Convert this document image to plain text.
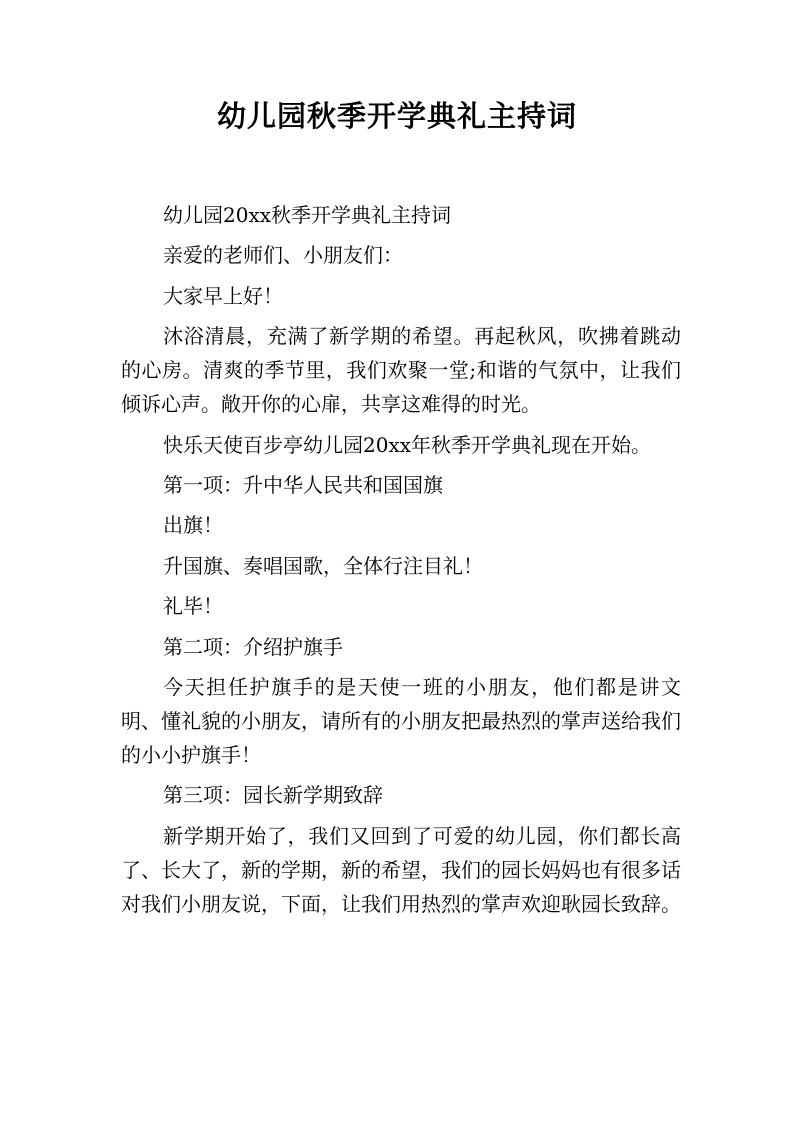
幼儿园秋季开学典礼主持词

幼儿园20xx秋季开学典礼主持词

亲爱的老师们、小朋友们：

大家早上好！

沐浴清晨，充满了新学期的希望。再起秋风，吹拂着跳动的心房。清爽的季节里，我们欢聚一堂;和谐的气氛中，让我们倾诉心声。敞开你的心扉，共享这难得的时光。

快乐天使百步亭幼儿园20xx年秋季开学典礼现在开始。

第一项：升中华人民共和国国旗

出旗！

升国旗、奏唱国歌，全体行注目礼！

礼毕！

第二项：介绍护旗手

今天担任护旗手的是天使一班的小朋友，他们都是讲文明、懂礼貌的小朋友，请所有的小朋友把最热烈的掌声送给我们的小小护旗手！

第三项：园长新学期致辞

新学期开始了，我们又回到了可爱的幼儿园，你们都长高了、长大了，新的学期，新的希望，我们的园长妈妈也有很多话对我们小朋友说，下面，让我们用热烈的掌声欢迎耿园长致辞。
